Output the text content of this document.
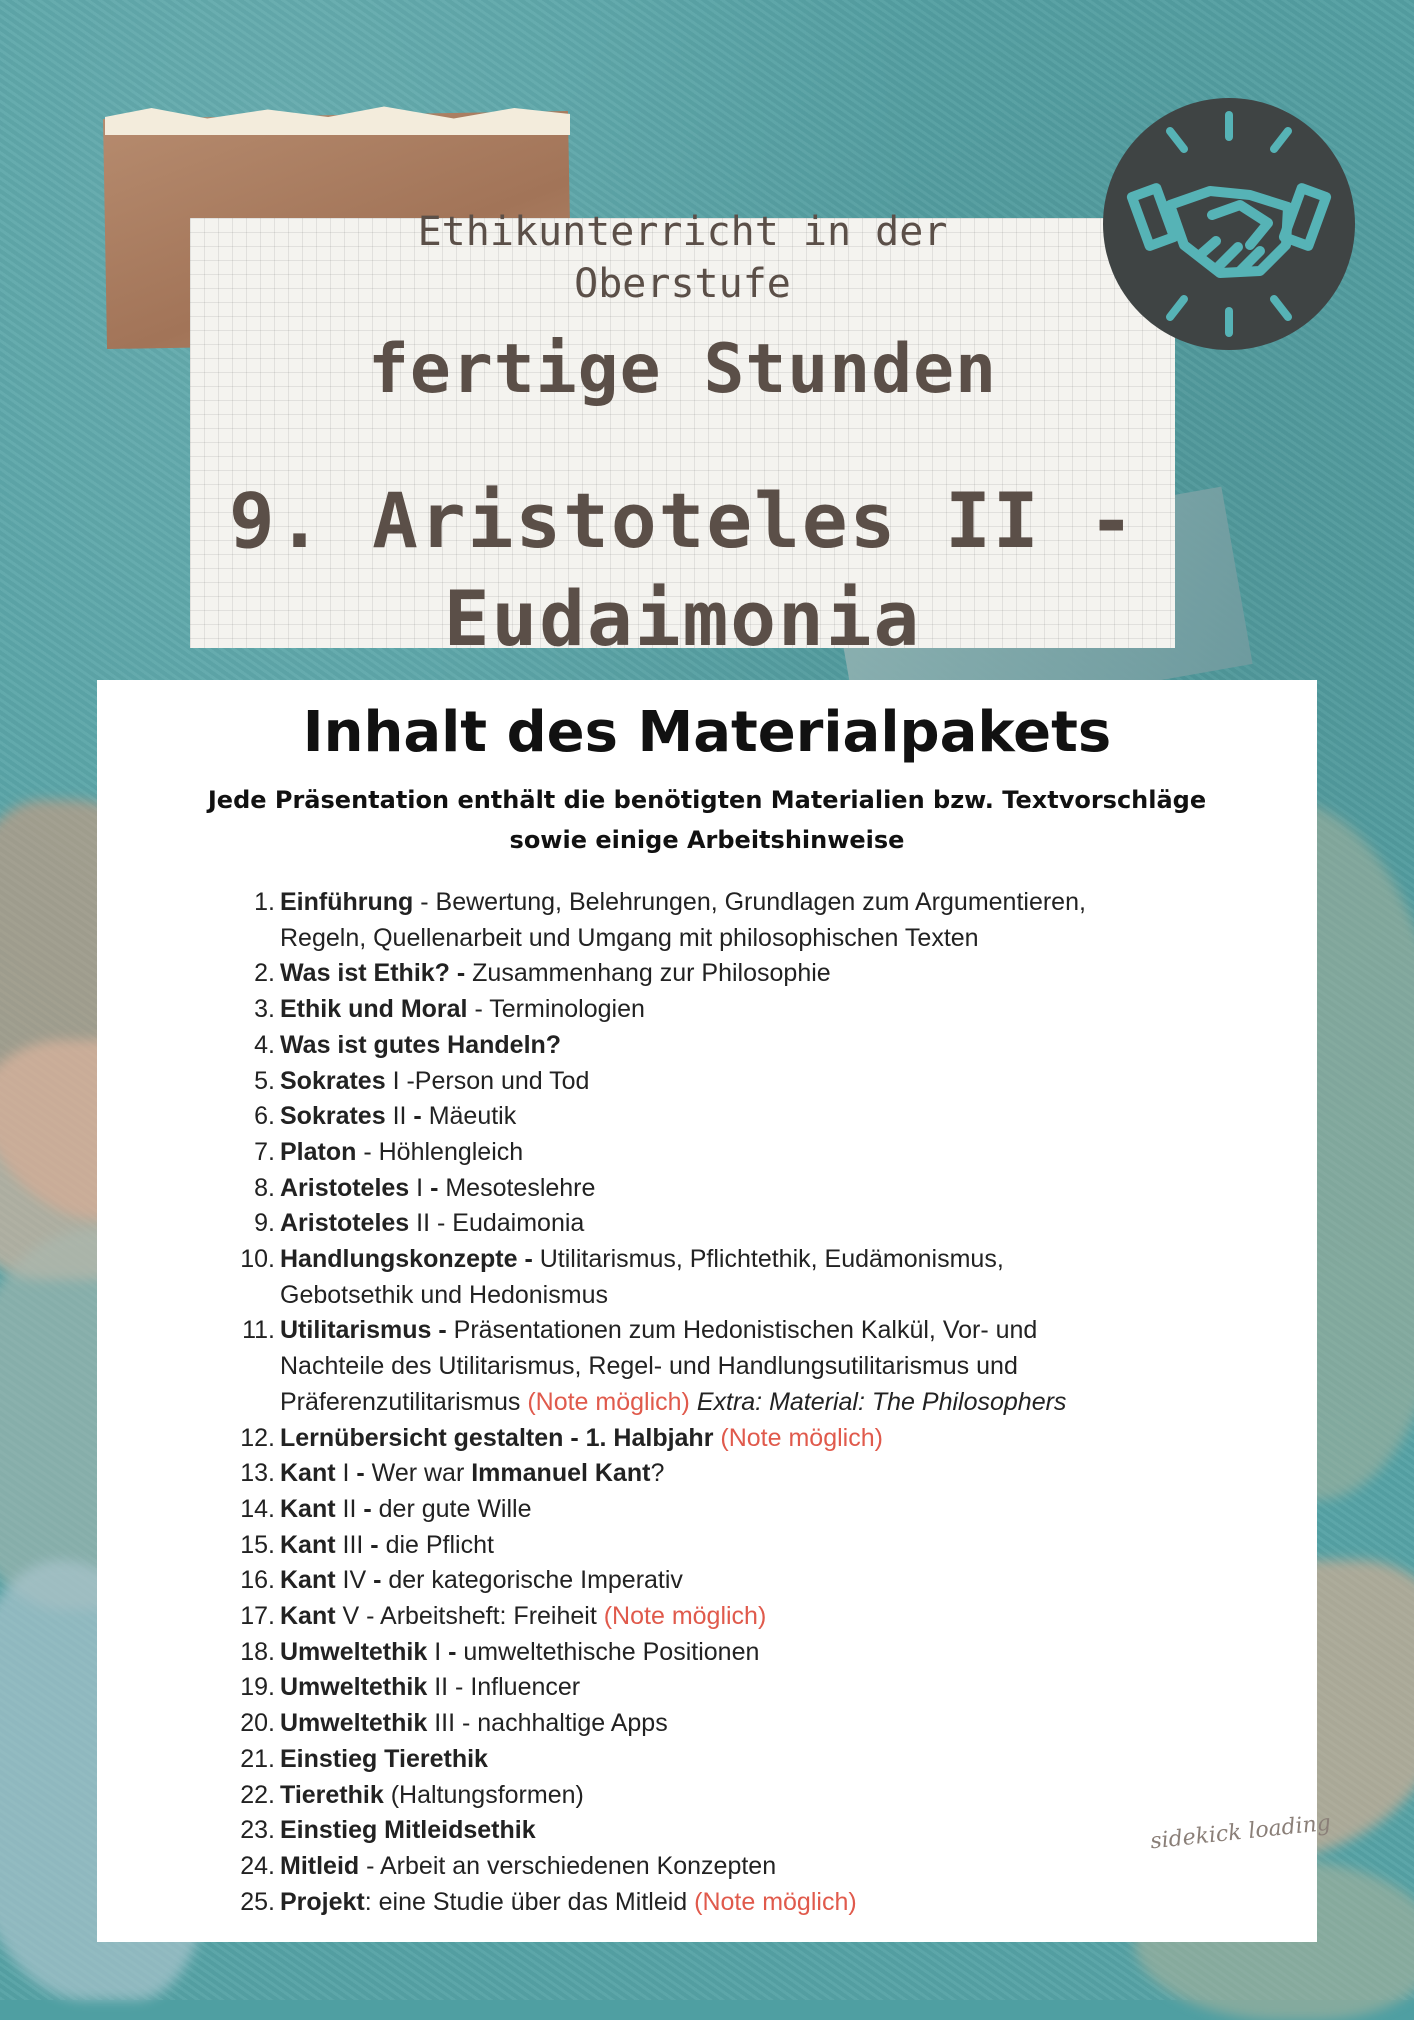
Ethikunterricht in der
Oberstufe
fertige Stunden
9. Aristoteles II -
Eudaimonia
Inhalt des Materialpakets
Jede Präsentation enthält die benötigten Materialien bzw. Textvorschläge
sowie einige Arbeitshinweise
1. Einführung - Bewertung, Belehrungen, Grundlagen zum Argumentieren,
Regeln, Quellenarbeit und Umgang mit philosophischen Texten
2. Was ist Ethik? - Zusammenhang zur Philosophie
3. Ethik und Moral - Terminologien
4. Was ist gutes Handeln?
5. Sokrates I -Person und Tod
6. Sokrates II - Mäeutik
7. Platon - Höhlengleich
8. Aristoteles I - Mesoteslehre
9. Aristoteles II - Eudaimonia
10. Handlungskonzepte - Utilitarismus, Pflichtethik, Eudämonismus,
Gebotsethik und Hedonismus
11. Utilitarismus - Präsentationen zum Hedonistischen Kalkül, Vor- und
Nachteile des Utilitarismus, Regel- und Handlungsutilitarismus und
Präferenzutilitarismus (Note möglich) Extra: Material: The Philosophers
12. Lernübersicht gestalten - 1. Halbjahr (Note möglich)
13. Kant I - Wer war Immanuel Kant?
14. Kant II - der gute Wille
15. Kant III - die Pflicht
16. Kant IV - der kategorische Imperativ
17. Kant V - Arbeitsheft: Freiheit (Note möglich)
18. Umweltethik I - umweltethische Positionen
19. Umweltethik II - Influencer
20. Umweltethik III - nachhaltige Apps
21. Einstieg Tierethik
22. Tierethik (Haltungsformen)
23. Einstieg Mitleidsethik
24. Mitleid - Arbeit an verschiedenen Konzepten
25. Projekt: eine Studie über das Mitleid (Note möglich)
sidekick loading
